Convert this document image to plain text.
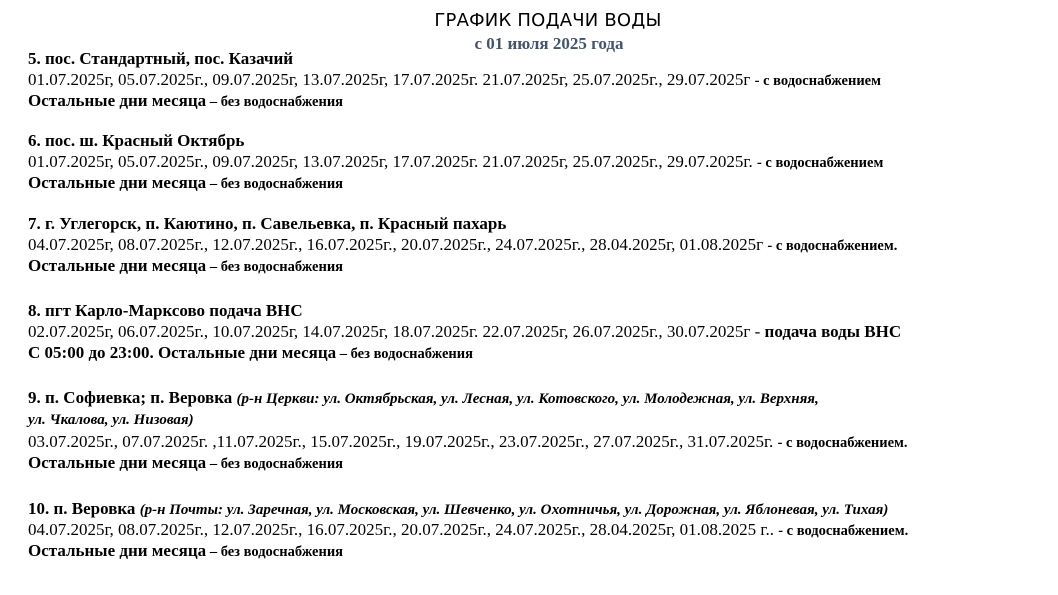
ГРАФИК ПОДАЧИ ВОДЫ
с 01 июля 2025 года
5. пос. Стандартный, пос. Казачий
01.07.2025г, 05.07.2025г., 09.07.2025г, 13.07.2025г, 17.07.2025г. 21.07.2025г, 25.07.2025г., 29.07.2025г - с водоснабжением
Остальные дни месяца – без водоснабжения
6. пос. ш. Красный Октябрь
01.07.2025г, 05.07.2025г., 09.07.2025г, 13.07.2025г, 17.07.2025г. 21.07.2025г, 25.07.2025г., 29.07.2025г. - с водоснабжением
Остальные дни месяца – без водоснабжения
7. г. Углегорск, п. Каютино, п. Савельевка, п. Красный пахарь
04.07.2025г, 08.07.2025г., 12.07.2025г., 16.07.2025г., 20.07.2025г., 24.07.2025г., 28.04.2025г, 01.08.2025г - с водоснабжением.
Остальные дни месяца – без водоснабжения
8. пгт Карло-Марксово подача ВНС
02.07.2025г, 06.07.2025г., 10.07.2025г, 14.07.2025г, 18.07.2025г. 22.07.2025г, 26.07.2025г., 30.07.2025г - подача воды ВНС
С 05:00 до 23:00. Остальные дни месяца – без водоснабжения
9. п. Софиевка; п. Веровка (р-н Церкви: ул. Октябрьская, ул. Лесная, ул. Котовского, ул. Молодежная, ул. Верхняя,
ул. Чкалова, ул. Низовая)
03.07.2025г., 07.07.2025г. ,11.07.2025г., 15.07.2025г., 19.07.2025г., 23.07.2025г., 27.07.2025г., 31.07.2025г. - с водоснабжением.
Остальные дни месяца – без водоснабжения
10. п. Веровка (р-н Почты: ул. Заречная, ул. Московская, ул. Шевченко, ул. Охотничья, ул. Дорожная, ул. Яблоневая, ул. Тихая)
04.07.2025г, 08.07.2025г., 12.07.2025г., 16.07.2025г., 20.07.2025г., 24.07.2025г., 28.04.2025г, 01.08.2025 г.. - с водоснабжением.
Остальные дни месяца – без водоснабжения
